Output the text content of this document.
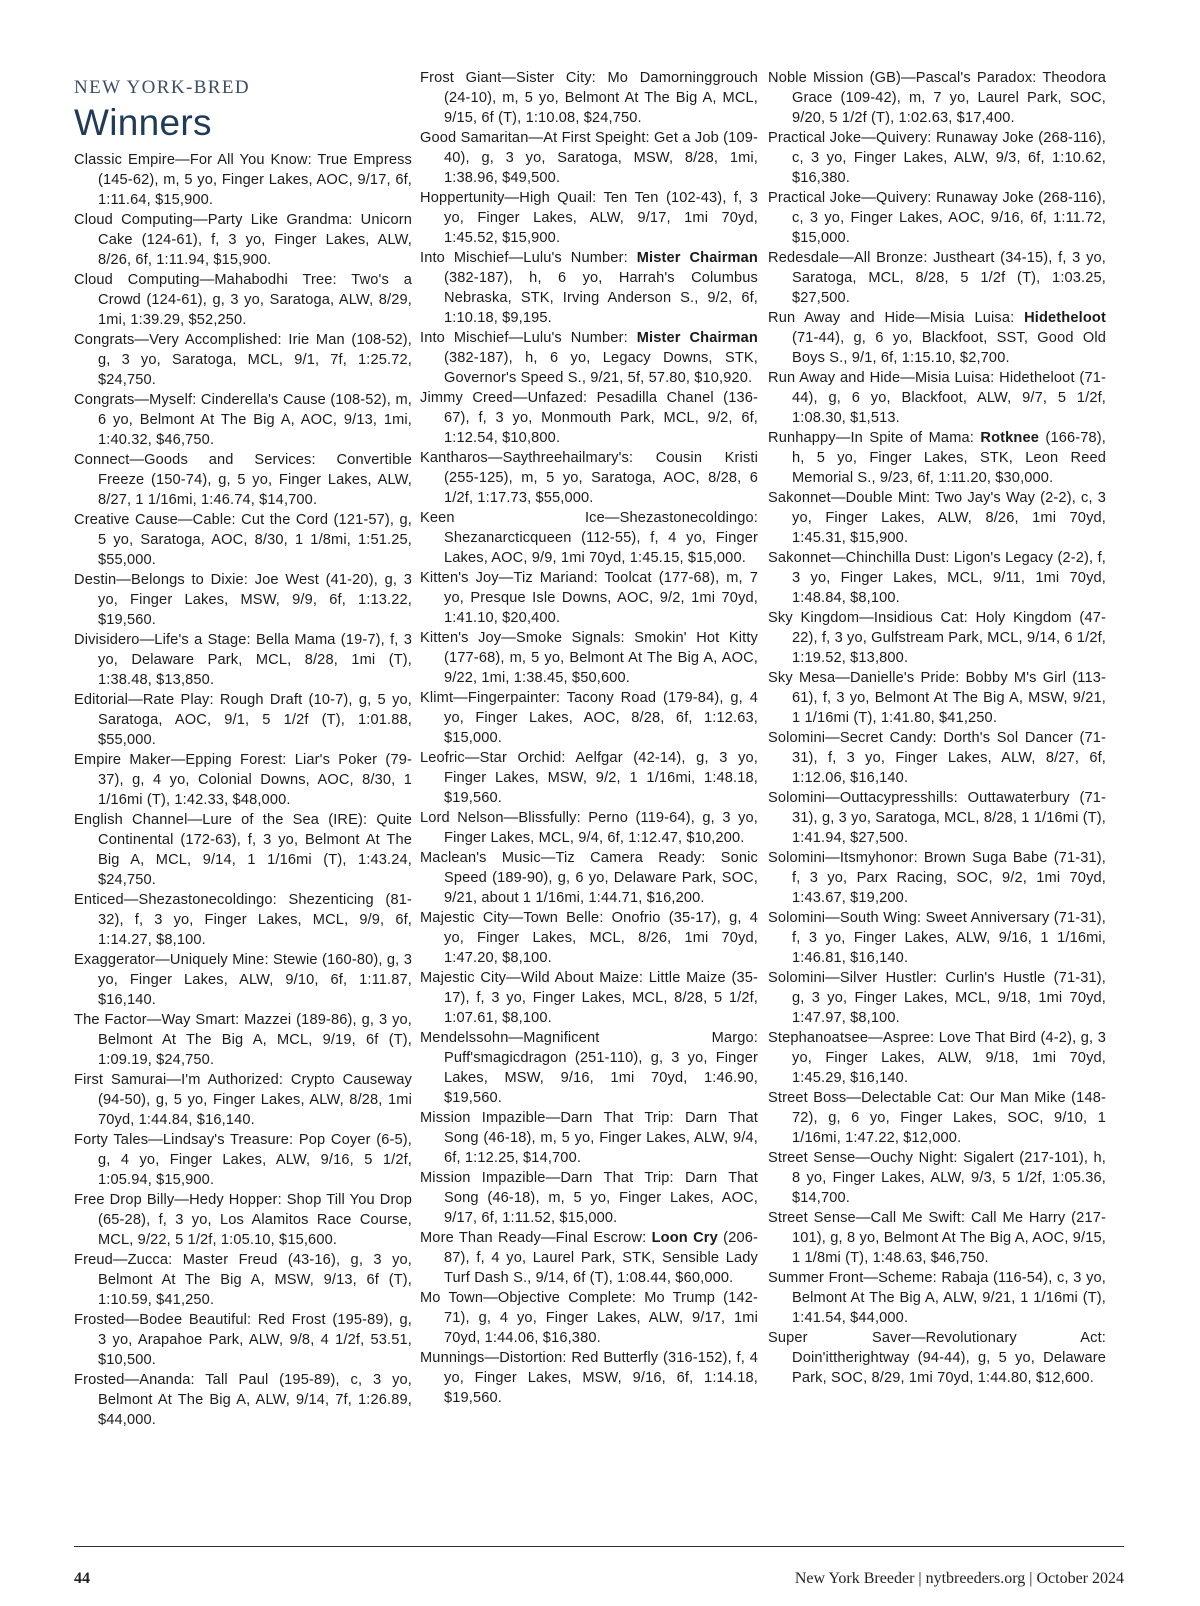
NEW YORK-BRED
Winners
Classic Empire—For All You Know: True Empress (145-62), m, 5 yo, Finger Lakes, AOC, 9/17, 6f, 1:11.64, $15,900.
Cloud Computing—Party Like Grandma: Unicorn Cake (124-61), f, 3 yo, Finger Lakes, ALW, 8/26, 6f, 1:11.94, $15,900.
Cloud Computing—Mahabodhi Tree: Two's a Crowd (124-61), g, 3 yo, Saratoga, ALW, 8/29, 1mi, 1:39.29, $52,250.
Congrats—Very Accomplished: Irie Man (108-52), g, 3 yo, Saratoga, MCL, 9/1, 7f, 1:25.72, $24,750.
Congrats—Myself: Cinderella's Cause (108-52), m, 6 yo, Belmont At The Big A, AOC, 9/13, 1mi, 1:40.32, $46,750.
Connect—Goods and Services: Convertible Freeze (150-74), g, 5 yo, Finger Lakes, ALW, 8/27, 1 1/16mi, 1:46.74, $14,700.
Creative Cause—Cable: Cut the Cord (121-57), g, 5 yo, Saratoga, AOC, 8/30, 1 1/8mi, 1:51.25, $55,000.
Destin—Belongs to Dixie: Joe West (41-20), g, 3 yo, Finger Lakes, MSW, 9/9, 6f, 1:13.22, $19,560.
Divisidero—Life's a Stage: Bella Mama (19-7), f, 3 yo, Delaware Park, MCL, 8/28, 1mi (T), 1:38.48, $13,850.
Editorial—Rate Play: Rough Draft (10-7), g, 5 yo, Saratoga, AOC, 9/1, 5 1/2f (T), 1:01.88, $55,000.
Empire Maker—Epping Forest: Liar's Poker (79-37), g, 4 yo, Colonial Downs, AOC, 8/30, 1 1/16mi (T), 1:42.33, $48,000.
English Channel—Lure of the Sea (IRE): Quite Continental (172-63), f, 3 yo, Belmont At The Big A, MCL, 9/14, 1 1/16mi (T), 1:43.24, $24,750.
Enticed—Shezastonecoldingo: Shezenticing (81-32), f, 3 yo, Finger Lakes, MCL, 9/9, 6f, 1:14.27, $8,100.
Exaggerator—Uniquely Mine: Stewie (160-80), g, 3 yo, Finger Lakes, ALW, 9/10, 6f, 1:11.87, $16,140.
The Factor—Way Smart: Mazzei (189-86), g, 3 yo, Belmont At The Big A, MCL, 9/19, 6f (T), 1:09.19, $24,750.
First Samurai—I'm Authorized: Crypto Causeway (94-50), g, 5 yo, Finger Lakes, ALW, 8/28, 1mi 70yd, 1:44.84, $16,140.
Forty Tales—Lindsay's Treasure: Pop Coyer (6-5), g, 4 yo, Finger Lakes, ALW, 9/16, 5 1/2f, 1:05.94, $15,900.
Free Drop Billy—Hedy Hopper: Shop Till You Drop (65-28), f, 3 yo, Los Alamitos Race Course, MCL, 9/22, 5 1/2f, 1:05.10, $15,600.
Freud—Zucca: Master Freud (43-16), g, 3 yo, Belmont At The Big A, MSW, 9/13, 6f (T), 1:10.59, $41,250.
Frosted—Bodee Beautiful: Red Frost (195-89), g, 3 yo, Arapahoe Park, ALW, 9/8, 4 1/2f, 53.51, $10,500.
Frosted—Ananda: Tall Paul (195-89), c, 3 yo, Belmont At The Big A, ALW, 9/14, 7f, 1:26.89, $44,000.
Frost Giant—Sister City: Mo Damorninggrouch (24-10), m, 5 yo, Belmont At The Big A, MCL, 9/15, 6f (T), 1:10.08, $24,750.
Good Samaritan—At First Speight: Get a Job (109-40), g, 3 yo, Saratoga, MSW, 8/28, 1mi, 1:38.96, $49,500.
Hoppertunity—High Quail: Ten Ten (102-43), f, 3 yo, Finger Lakes, ALW, 9/17, 1mi 70yd, 1:45.52, $15,900.
Into Mischief—Lulu's Number: Mister Chairman (382-187), h, 6 yo, Harrah's Columbus Nebraska, STK, Irving Anderson S., 9/2, 6f, 1:10.18, $9,195.
Into Mischief—Lulu's Number: Mister Chairman (382-187), h, 6 yo, Legacy Downs, STK, Governor's Speed S., 9/21, 5f, 57.80, $10,920.
Jimmy Creed—Unfazed: Pesadilla Chanel (136-67), f, 3 yo, Monmouth Park, MCL, 9/2, 6f, 1:12.54, $10,800.
Kantharos—Saythreehailmary's: Cousin Kristi (255-125), m, 5 yo, Saratoga, AOC, 8/28, 6 1/2f, 1:17.73, $55,000.
Keen Ice—Shezastonecoldingo: Shezanarcticqueen (112-55), f, 4 yo, Finger Lakes, AOC, 9/9, 1mi 70yd, 1:45.15, $15,000.
Kitten's Joy—Tiz Mariand: Toolcat (177-68), m, 7 yo, Presque Isle Downs, AOC, 9/2, 1mi 70yd, 1:41.10, $20,400.
Kitten's Joy—Smoke Signals: Smokin' Hot Kitty (177-68), m, 5 yo, Belmont At The Big A, AOC, 9/22, 1mi, 1:38.45, $50,600.
Klimt—Fingerpainter: Tacony Road (179-84), g, 4 yo, Finger Lakes, AOC, 8/28, 6f, 1:12.63, $15,000.
Leofric—Star Orchid: Aelfgar (42-14), g, 3 yo, Finger Lakes, MSW, 9/2, 1 1/16mi, 1:48.18, $19,560.
Lord Nelson—Blissfully: Perno (119-64), g, 3 yo, Finger Lakes, MCL, 9/4, 6f, 1:12.47, $10,200.
Maclean's Music—Tiz Camera Ready: Sonic Speed (189-90), g, 6 yo, Delaware Park, SOC, 9/21, about 1 1/16mi, 1:44.71, $16,200.
Majestic City—Town Belle: Onofrio (35-17), g, 4 yo, Finger Lakes, MCL, 8/26, 1mi 70yd, 1:47.20, $8,100.
Majestic City—Wild About Maize: Little Maize (35-17), f, 3 yo, Finger Lakes, MCL, 8/28, 5 1/2f, 1:07.61, $8,100.
Mendelssohn—Magnificent Margo: Puff'smagicdragon (251-110), g, 3 yo, Finger Lakes, MSW, 9/16, 1mi 70yd, 1:46.90, $19,560.
Mission Impazible—Darn That Trip: Darn That Song (46-18), m, 5 yo, Finger Lakes, ALW, 9/4, 6f, 1:12.25, $14,700.
Mission Impazible—Darn That Trip: Darn That Song (46-18), m, 5 yo, Finger Lakes, AOC, 9/17, 6f, 1:11.52, $15,000.
More Than Ready—Final Escrow: Loon Cry (206-87), f, 4 yo, Laurel Park, STK, Sensible Lady Turf Dash S., 9/14, 6f (T), 1:08.44, $60,000.
Mo Town—Objective Complete: Mo Trump (142-71), g, 4 yo, Finger Lakes, ALW, 9/17, 1mi 70yd, 1:44.06, $16,380.
Munnings—Distortion: Red Butterfly (316-152), f, 4 yo, Finger Lakes, MSW, 9/16, 6f, 1:14.18, $19,560.
Noble Mission (GB)—Pascal's Paradox: Theodora Grace (109-42), m, 7 yo, Laurel Park, SOC, 9/20, 5 1/2f (T), 1:02.63, $17,400.
Practical Joke—Quivery: Runaway Joke (268-116), c, 3 yo, Finger Lakes, ALW, 9/3, 6f, 1:10.62, $16,380.
Practical Joke—Quivery: Runaway Joke (268-116), c, 3 yo, Finger Lakes, AOC, 9/16, 6f, 1:11.72, $15,000.
Redesdale—All Bronze: Justheart (34-15), f, 3 yo, Saratoga, MCL, 8/28, 5 1/2f (T), 1:03.25, $27,500.
Run Away and Hide—Misia Luisa: Hidetheloot (71-44), g, 6 yo, Blackfoot, SST, Good Old Boys S., 9/1, 6f, 1:15.10, $2,700.
Run Away and Hide—Misia Luisa: Hidetheloot (71-44), g, 6 yo, Blackfoot, ALW, 9/7, 5 1/2f, 1:08.30, $1,513.
Runhappy—In Spite of Mama: Rotknee (166-78), h, 5 yo, Finger Lakes, STK, Leon Reed Memorial S., 9/23, 6f, 1:11.20, $30,000.
Sakonnet—Double Mint: Two Jay's Way (2-2), c, 3 yo, Finger Lakes, ALW, 8/26, 1mi 70yd, 1:45.31, $15,900.
Sakonnet—Chinchilla Dust: Ligon's Legacy (2-2), f, 3 yo, Finger Lakes, MCL, 9/11, 1mi 70yd, 1:48.84, $8,100.
Sky Kingdom—Insidious Cat: Holy Kingdom (47-22), f, 3 yo, Gulfstream Park, MCL, 9/14, 6 1/2f, 1:19.52, $13,800.
Sky Mesa—Danielle's Pride: Bobby M's Girl (113-61), f, 3 yo, Belmont At The Big A, MSW, 9/21, 1 1/16mi (T), 1:41.80, $41,250.
Solomini—Secret Candy: Dorth's Sol Dancer (71-31), f, 3 yo, Finger Lakes, ALW, 8/27, 6f, 1:12.06, $16,140.
Solomini—Outtacypresshills: Outtawaterbury (71-31), g, 3 yo, Saratoga, MCL, 8/28, 1 1/16mi (T), 1:41.94, $27,500.
Solomini—Itsmyhonor: Brown Suga Babe (71-31), f, 3 yo, Parx Racing, SOC, 9/2, 1mi 70yd, 1:43.67, $19,200.
Solomini—South Wing: Sweet Anniversary (71-31), f, 3 yo, Finger Lakes, ALW, 9/16, 1 1/16mi, 1:46.81, $16,140.
Solomini—Silver Hustler: Curlin's Hustle (71-31), g, 3 yo, Finger Lakes, MCL, 9/18, 1mi 70yd, 1:47.97, $8,100.
Stephanoatsee—Aspree: Love That Bird (4-2), g, 3 yo, Finger Lakes, ALW, 9/18, 1mi 70yd, 1:45.29, $16,140.
Street Boss—Delectable Cat: Our Man Mike (148-72), g, 6 yo, Finger Lakes, SOC, 9/10, 1 1/16mi, 1:47.22, $12,000.
Street Sense—Ouchy Night: Sigalert (217-101), h, 8 yo, Finger Lakes, ALW, 9/3, 5 1/2f, 1:05.36, $14,700.
Street Sense—Call Me Swift: Call Me Harry (217-101), g, 8 yo, Belmont At The Big A, AOC, 9/15, 1 1/8mi (T), 1:48.63, $46,750.
Summer Front—Scheme: Rabaja (116-54), c, 3 yo, Belmont At The Big A, ALW, 9/21, 1 1/16mi (T), 1:41.54, $44,000.
Super Saver—Revolutionary Act: Doin'ittherightway (94-44), g, 5 yo, Delaware Park, SOC, 8/29, 1mi 70yd, 1:44.80, $12,600.
44	New York Breeder | nytbreeders.org | October 2024
